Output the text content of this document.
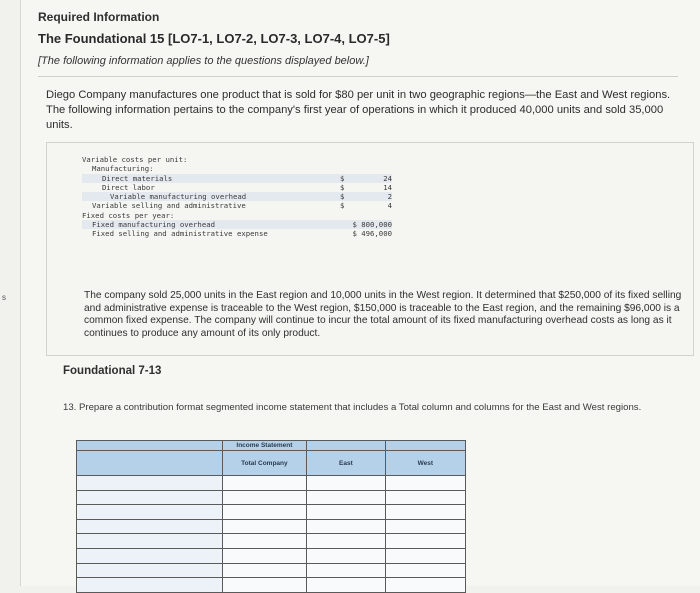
s
Required Information
The Foundational 15 [LO7-1, LO7-2, LO7-3, LO7-4, LO7-5]
[The following information applies to the questions displayed below.]
Diego Company manufactures one product that is sold for $80 per unit in two geographic regions—the East and West regions. The following information pertains to the company's first year of operations in which it produced 40,000 units and sold 35,000 units.
Variable costs per unit:
Manufacturing:
Direct materials	$	24
Direct labor	$	14
Variable manufacturing overhead	$	2
Variable selling and administrative	$	4
Fixed costs per year:
Fixed manufacturing overhead	$ 800,000
Fixed selling and administrative expense	$ 496,000
The company sold 25,000 units in the East region and 10,000 units in the West region. It determined that $250,000 of its fixed selling and administrative expense is traceable to the West region, $150,000 is traceable to the East region, and the remaining $96,000 is a common fixed expense. The company will continue to incur the total amount of its fixed manufacturing overhead costs as long as it continues to produce any amount of its only product.
Foundational 7-13
13. Prepare a contribution format segmented income statement that includes a Total column and columns for the East and West regions.
	Income Statement		
	Total Company	East	West
